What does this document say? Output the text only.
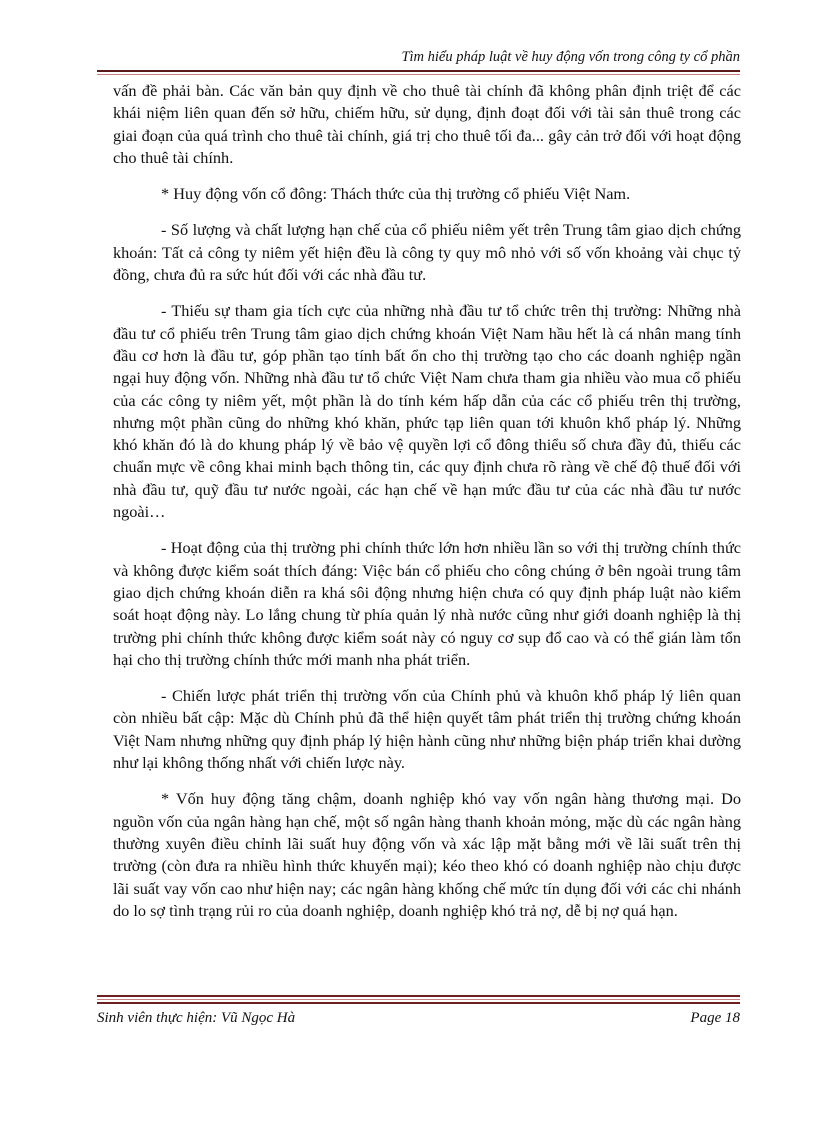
Tìm hiểu pháp luật về huy động vốn trong công ty cổ phần

vấn đề phải bàn. Các văn bản quy định về cho thuê tài chính đã không phân định triệt để các khái niệm liên quan đến sở hữu, chiếm hữu, sử dụng, định đoạt đối với tài sản thuê trong các giai đoạn của quá trình cho thuê tài chính, giá trị cho thuê tối đa... gây cản trở đối với hoạt động cho thuê tài chính.

* Huy động vốn cổ đông: Thách thức của thị trường cổ phiếu Việt Nam.

- Số lượng và chất lượng hạn chế của cổ phiếu niêm yết trên Trung tâm giao dịch chứng khoán: Tất cả công ty niêm yết hiện đều là công ty quy mô nhỏ với số vốn khoảng vài chục tỷ đồng, chưa đủ ra sức hút đối với các nhà đầu tư.

- Thiếu sự tham gia tích cực của những nhà đầu tư tổ chức trên thị trường: Những nhà đầu tư cổ phiếu trên Trung tâm giao dịch chứng khoán Việt Nam hầu hết là cá nhân mang tính đầu cơ hơn là đầu tư, góp phần tạo tính bất ổn cho thị trường tạo cho các doanh nghiệp ngần ngại huy động vốn. Những nhà đầu tư tổ chức Việt Nam chưa tham gia nhiều vào mua cổ phiếu của các công ty niêm yết, một phần là do tính kém hấp dẫn của các cổ phiếu trên thị trường, nhưng một phần cũng do những khó khăn, phức tạp liên quan tới khuôn khổ pháp lý. Những khó khăn đó là do khung pháp lý về bảo vệ quyền lợi cổ đông thiểu số chưa đầy đủ, thiếu các chuẩn mực về công khai minh bạch thông tin, các quy định chưa rõ ràng về chế độ thuế đối với nhà đầu tư, quỹ đầu tư nước ngoài, các hạn chế về hạn mức đầu tư của các nhà đầu tư nước ngoài…

- Hoạt động của thị trường phi chính thức lớn hơn nhiều lần so với thị trường chính thức và không được kiểm soát thích đáng: Việc bán cổ phiếu cho công chúng ở bên ngoài trung tâm giao dịch chứng khoán diễn ra khá sôi động nhưng hiện chưa có quy định pháp luật nào kiểm soát hoạt động này. Lo lắng chung từ phía quản lý nhà nước cũng như giới doanh nghiệp là thị trường phi chính thức không được kiểm soát này có nguy cơ sụp đổ cao và có thể gián làm tổn hại cho thị trường chính thức mới manh nha phát triển.

- Chiến lược phát triển thị trường vốn của Chính phủ và khuôn khổ pháp lý liên quan còn nhiều bất cập: Mặc dù Chính phủ đã thể hiện quyết tâm phát triển thị trường chứng khoán Việt Nam nhưng những quy định pháp lý hiện hành cũng như những biện pháp triển khai dường như lại không thống nhất với chiến lược này.

* Vốn huy động tăng chậm, doanh nghiệp khó vay vốn ngân hàng thương mại. Do nguồn vốn của ngân hàng hạn chế, một số ngân hàng thanh khoản mỏng, mặc dù các ngân hàng thường xuyên điều chỉnh lãi suất huy động vốn và xác lập mặt bằng mới về lãi suất trên thị trường (còn đưa ra nhiều hình thức khuyến mại); kéo theo khó có doanh nghiệp nào chịu được lãi suất vay vốn cao như hiện nay; các ngân hàng khống chế mức tín dụng đối với các chi nhánh do lo sợ tình trạng rủi ro của doanh nghiệp, doanh nghiệp khó trả nợ, dễ bị nợ quá hạn.

Sinh viên thực hiện: Vũ Ngọc Hà	Page 18
